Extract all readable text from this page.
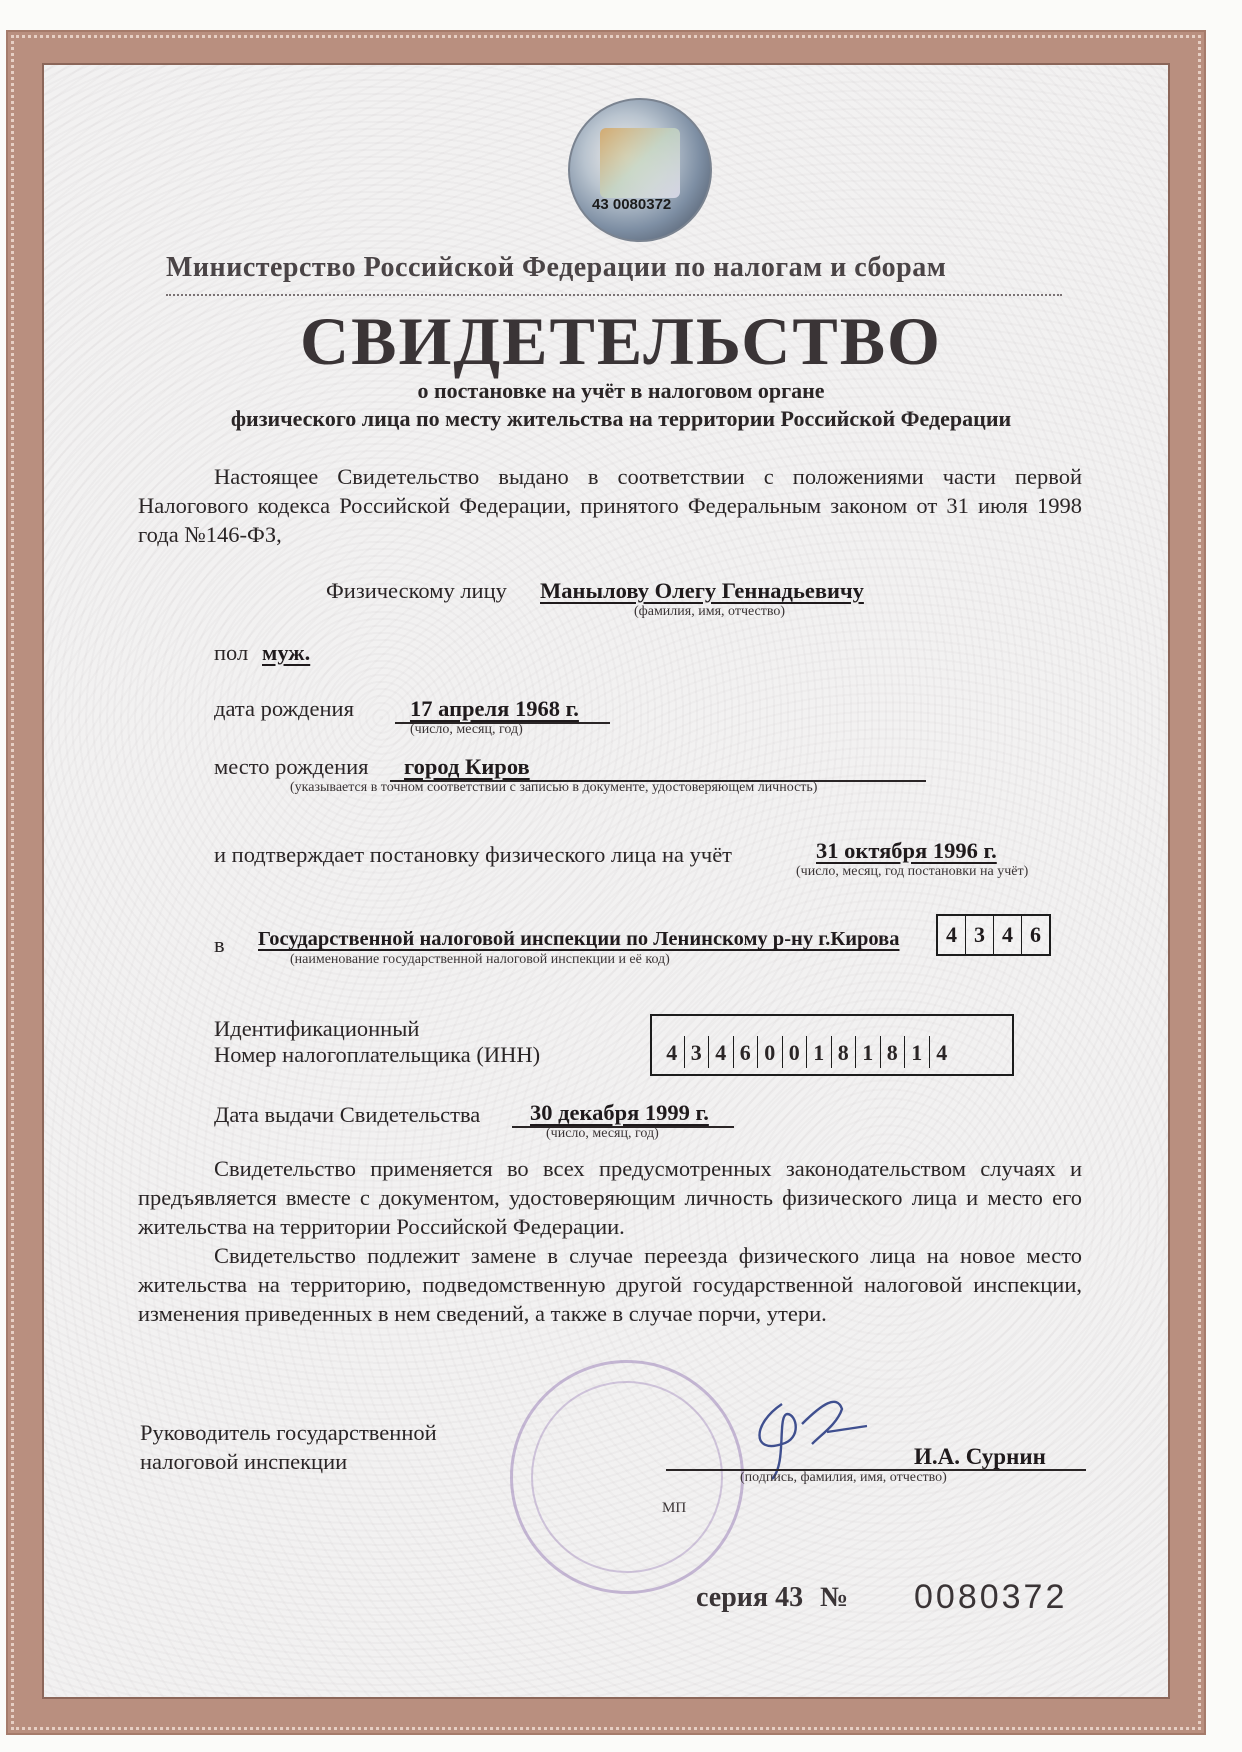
43 0080372
Министерство Российской Федерации по налогам и сборам
СВИДЕТЕЛЬСТВО
о постановке на учёт в налоговом органе
физического лица по месту жительства на территории Российской Федерации

Настоящее Свидетельство выдано в соответствии с положениями части первой Налогового кодекса Российской Федерации, принятого Федеральным законом от 31 июля 1998 года №146-ФЗ,

Физическому лицу Манылову Олегу Геннадьевичу
(фамилия, имя, отчество)
пол муж.
дата рождения 17 апреля 1968 г.
(число, месяц, год)
место рождения город Киров
(указывается в точном соответствии с записью в документе, удостоверяющем личность)
и подтверждает постановку физического лица на учёт	31 октября 1996 г.
(число, месяц, год постановки на учёт)
в Государственной налоговой инспекции по Ленинскому р-ну г.Кирова
(наименование государственной налоговой инспекции и её код)
4 3 4 6
Идентификационный
Номер налогоплательщика (ИНН)	4 3 4 6 0 0 1 8 1 8 1 4
Дата выдачи Свидетельства 30 декабря 1999 г.
(число, месяц, год)

Свидетельство применяется во всех предусмотренных законодательством случаях и предъявляется вместе с документом, удостоверяющим личность физического лица и место его жительства на территории Российской Федерации.

Свидетельство подлежит замене в случае переезда физического лица на новое место жительства на территорию, подведомственную другой государственной налоговой инспекции, изменения приведенных в нем сведений, а также в случае порчи, утери.

Руководитель государственной
налоговой инспекции	И.А. Сурнин
(подпись, фамилия, имя, отчество)
МП
серия 43 № 0080372
